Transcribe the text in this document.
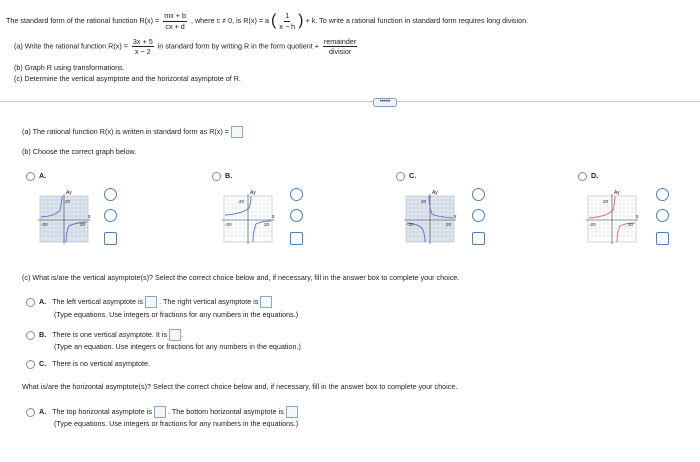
The standard form of the rational function $R(x) = \frac{mx + b}{cx + d}$ , where c ≠ 0, is R(x) = a ( $\frac{1}{x - h}$ ) + k. To write a rational function in standard form requires long division.
(a) Write the rational function $R(x) = \frac{3x + 5}{x - 2}$ in standard form by writing R in the form quotient + $\frac{\text{remainder}}{\text{divisior}}$
(b) Graph R using transformations.
(c) Determine the vertical asymptote and the horizontal asymptote of R.
•••••
(a) The rational function R(x) is written in standard form as R(x) =
(b) Choose the correct graph below.
A.	B.	C.	D.
Ay
x
20
-20	20
Ay
x
20
-20	20
Ay
x
20
-20	20
Ay
x
20
-20	20
(c) What is/are the vertical asymptote(s)? Select the correct choice below and, if necessary, fill in the answer box to complete your choice.
A. The left vertical asymptote is . The right vertical asymptote is
(Type equations. Use integers or fractions for any numbers in the equations.)
B. There is one vertical asymptote. It is .
(Type an equation. Use integers or fractions for any numbers in the equation.)
C. There is no vertical asymptote.
What is/are the horizontal asymptote(s)? Select the correct choice below and, if necessary, fill in the answer box to complete your choice.
A. The top horizontal asymptote is . The bottom horizontal asymptote is
(Type equations. Use integers or fractions for any numbers in the equations.)
